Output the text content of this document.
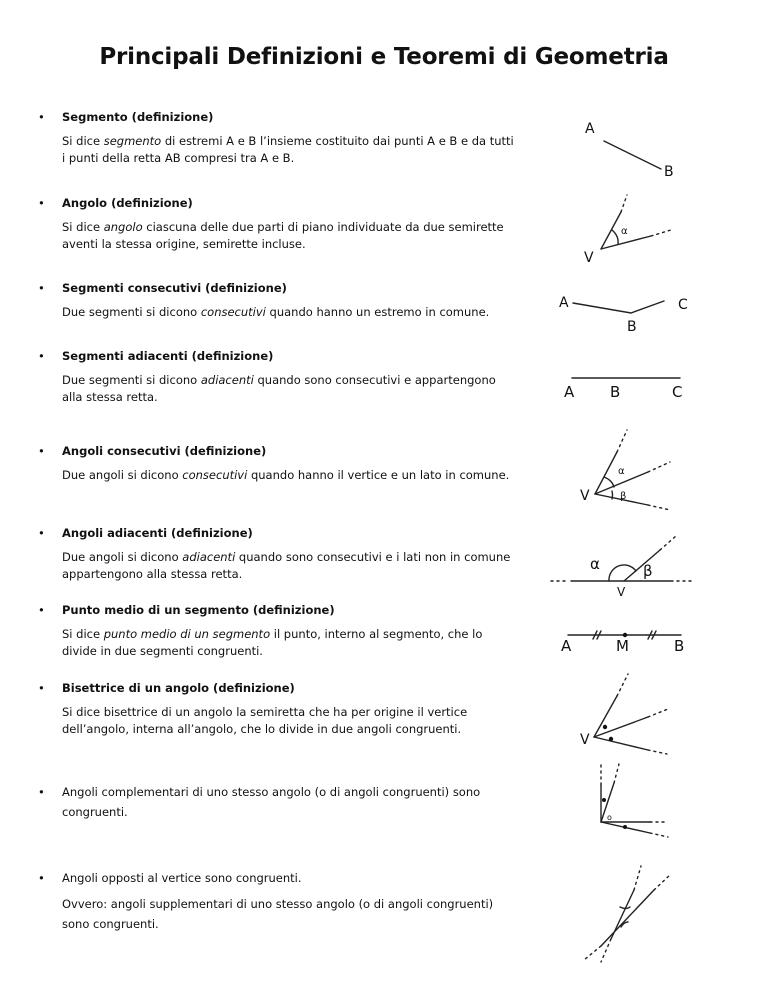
Principali Definizioni e Teoremi di Geometria
• Segmento (definizione)
Si dice segmento di estremi A e B l’insieme costituito dai punti A e B e da tutti i punti della retta AB compresi tra A e B.
• Angolo (definizione)
Si dice angolo ciascuna delle due parti di piano individuate da due semirette aventi la stessa origine, semirette incluse.
• Segmenti consecutivi (definizione)
Due segmenti si dicono consecutivi quando hanno un estremo in comune.
• Segmenti adiacenti (definizione)
Due segmenti si dicono adiacenti quando sono consecutivi e appartengono alla stessa retta.
• Angoli consecutivi (definizione)
Due angoli si dicono consecutivi quando hanno il vertice e un lato in comune.
• Angoli adiacenti (definizione)
Due angoli si dicono adiacenti quando sono consecutivi e i lati non in comune appartengono alla stessa retta.
• Punto medio di un segmento (definizione)
Si dice punto medio di un segmento il punto, interno al segmento, che lo divide in due segmenti congruenti.
• Bisettrice di un angolo (definizione)
Si dice bisettrice di un angolo la semiretta che ha per origine il vertice dell’angolo, interna all’angolo, che lo divide in due angoli congruenti.
• Angoli complementari di uno stesso angolo (o di angoli congruenti) sono congruenti.
• Angoli opposti al vertice sono congruenti.
Ovvero: angoli supplementari di uno stesso angolo (o di angoli congruenti) sono congruenti.
A
B
V
α
A
B
C
A B	C
V
α
β
α	β
V
A	M	B
V
o
